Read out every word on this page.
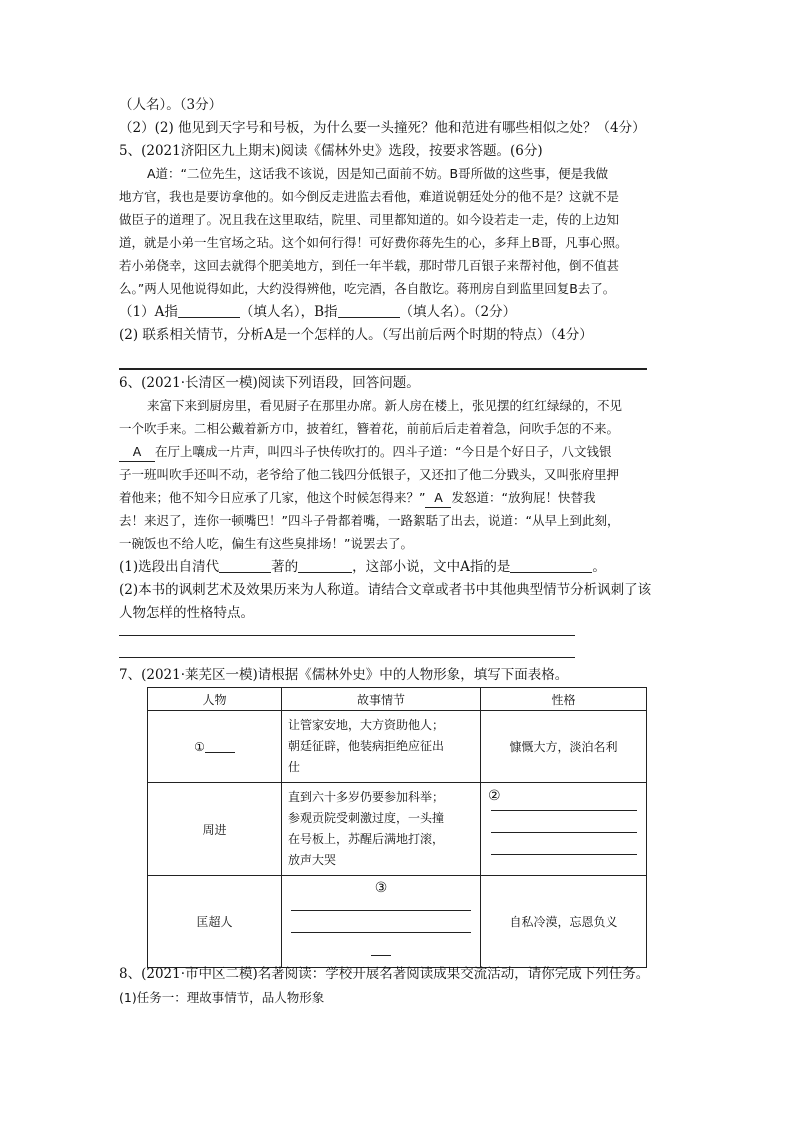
（人名）。（3分）
（2）(2) 他见到天字号和号板，为什么要一头撞死？他和范进有哪些相似之处？（4分）
5、(2021济阳区九上期末)阅读《儒林外史》选段，按要求答题。(6分)
A道：“二位先生，这话我不该说，因是知己面前不妨。B哥所做的这些事，便是我做
地方官，我也是要访拿他的。如今倒反走进监去看他，难道说朝廷处分的他不是？这就不是
做臣子的道理了。况且我在这里取结，院里、司里都知道的。如今设若走一走，传的上边知
道，就是小弟一生官场之玷。这个如何行得！可好费你蒋先生的心，多拜上B哥，凡事心照。
若小弟侥幸，这回去就得个肥美地方，到任一年半载，那时带几百银子来帮衬他，倒不值甚
么。”两人见他说得如此，大约没得辨他，吃完酒，各自散讫。蒋刑房自到监里回复B去了。
（1）A指	（填人名），B指	（填人名）。（2分）
(2) 联系相关情节，分析A是一个怎样的人。（写出前后两个时期的特点）（4分）
6、(2021·长清区一模)阅读下列语段，回答问题。
来富下来到厨房里，看见厨子在那里办席。新人房在楼上，张见摆的红红绿绿的，不见
一个吹手来。二相公戴着新方巾，披着红，簪着花，前前后后走着着急，问吹手怎的不来。
A 在厅上嚷成一片声，叫四斗子快传吹打的。四斗子道：“今日是个好日子，八文钱银
子一班叫吹手还叫不动，老爷给了他二钱四分低银子，又还扣了他二分戥头，又叫张府里押
着他来；他不知今日应承了几家，他这个时候怎得来？” A 发怒道：“放狗屁！快替我
去！来迟了，连你一顿嘴巴！”四斗子骨都着嘴，一路絮聒了出去，说道：“从早上到此刻，
一碗饭也不给人吃，偏生有这些臭排场！”说罢去了。
(1)选段出自清代	著的	，这部小说，文中A指的是	。
(2)本书的讽刺艺术及效果历来为人称道。请结合文章或者书中其他典型情节分析讽刺了该
人物怎样的性格特点。
7、(2021·莱芜区一模)请根据《儒林外史》中的人物形象，填写下面表格。
人物	故事情节	性格
①	让管家安地，大方资助他人；
朝廷征辟，他装病拒绝应征出
仕	慷慨大方，淡泊名利
周进	直到六十多岁仍要参加科举；
参观贡院受刺激过度，一头撞
在号板上，苏醒后满地打滚，
放声大哭	②

匡超人	③	自私冷漠，忘恩负义
8、(2021·市中区二模)名著阅读：学校开展名著阅读成果交流活动，请你完成下列任务。
(1)任务一：理故事情节，品人物形象
